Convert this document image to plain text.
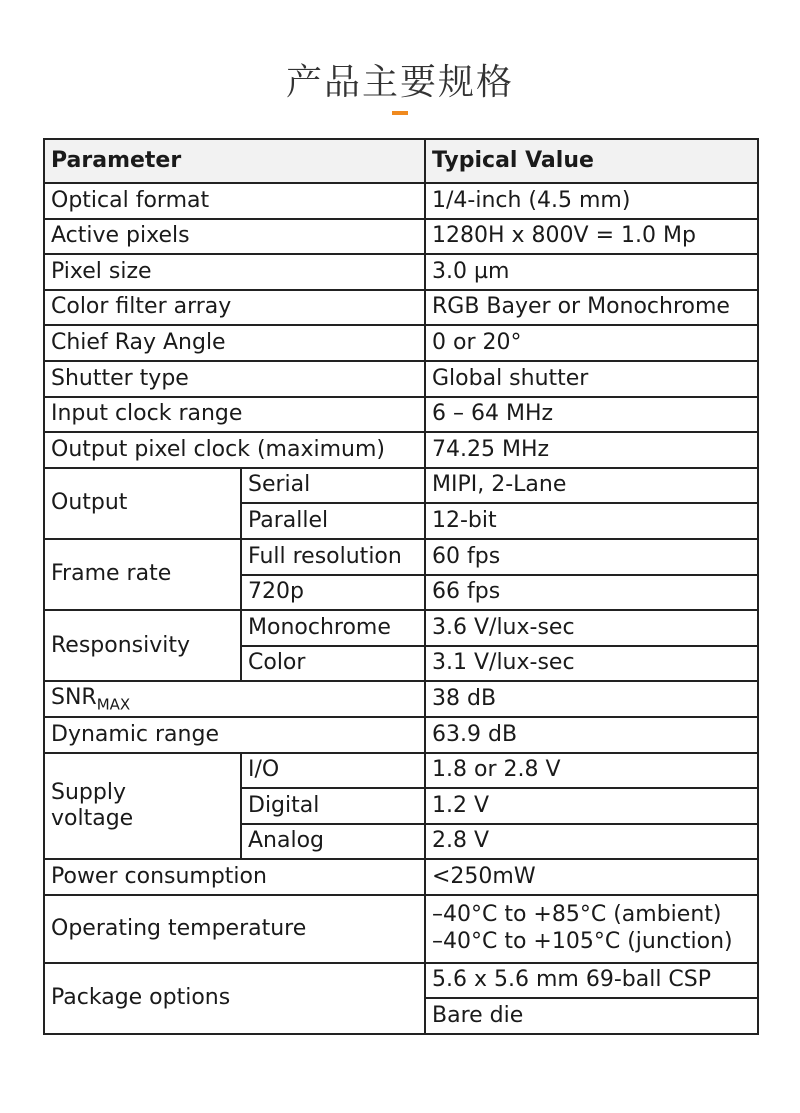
产品主要规格
Parameter		Typical Value
Optical format		1/4-inch (4.5 mm)
Active pixels		1280H x 800V = 1.0 Mp
Pixel size		3.0 µm
Color filter array		RGB Bayer or Monochrome
Chief Ray Angle		0 or 20°
Shutter type		Global shutter
Input clock range		6 – 64 MHz
Output pixel clock (maximum)		74.25 MHz
Output	Serial	MIPI, 2-Lane
	Parallel	12-bit
Frame rate	Full resolution	60 fps
	720p	66 fps
Responsivity	Monochrome	3.6 V/lux-sec
	Color	3.1 V/lux-sec
$SNR_{MAX}$		38 dB
Dynamic range		63.9 dB
Supply
voltage	I/O	1.8 or 2.8 V
	Digital	1.2 V
	Analog	2.8 V
Power consumption		<250mW
Operating temperature		–40°C to +85°C (ambient)
–40°C to +105°C (junction)
Package options		5.6 x 5.6 mm 69-ball CSP
		Bare die
